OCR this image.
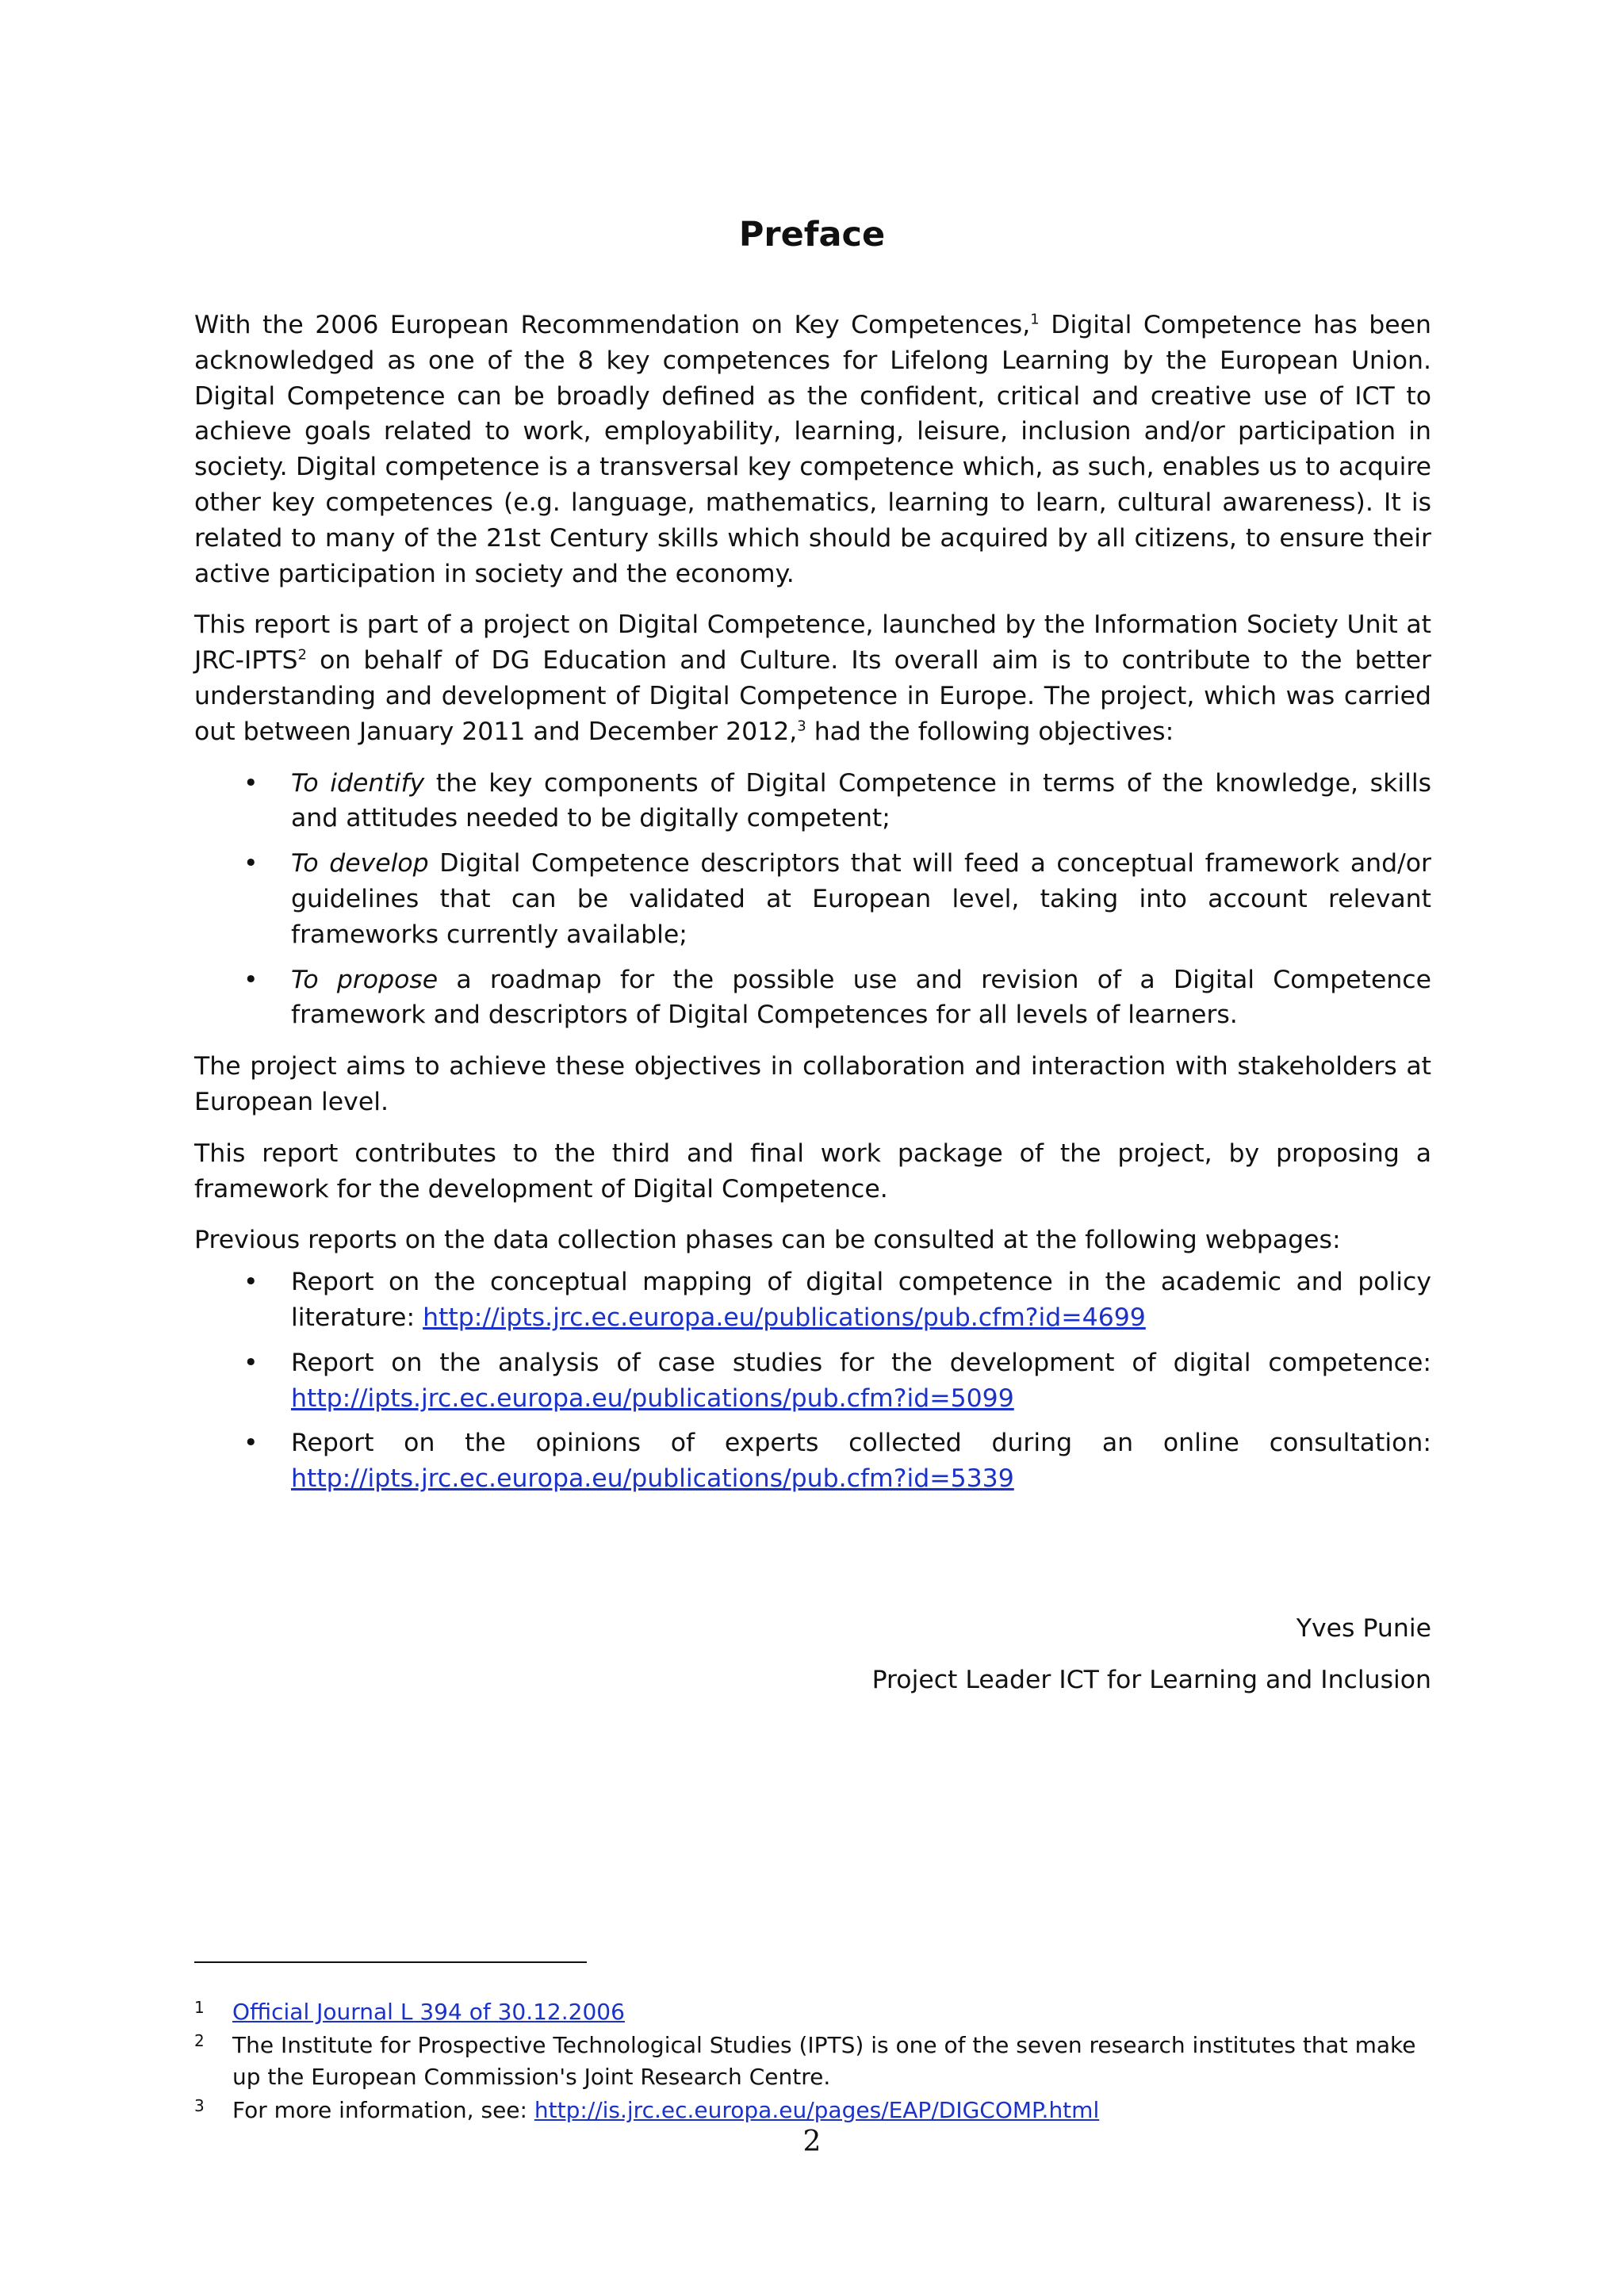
Preface

With the 2006 European Recommendation on Key Competences,$^1$ Digital Competence has been acknowledged as one of the 8 key competences for Lifelong Learning by the European Union. Digital Competence can be broadly defined as the confident, critical and creative use of ICT to achieve goals related to work, employability, learning, leisure, inclusion and/or participation in society. Digital competence is a transversal key competence which, as such, enables us to acquire other key competences (e.g. language, mathematics, learning to learn, cultural awareness). It is related to many of the 21st Century skills which should be acquired by all citizens, to ensure their active participation in society and the economy.

This report is part of a project on Digital Competence, launched by the Information Society Unit at JRC-IPTS$^2$ on behalf of DG Education and Culture. Its overall aim is to contribute to the better understanding and development of Digital Competence in Europe. The project, which was carried out between January 2011 and December 2012,$^3$ had the following objectives:

• To identify the key components of Digital Competence in terms of the knowledge, skills and attitudes needed to be digitally competent;
• To develop Digital Competence descriptors that will feed a conceptual framework and/or guidelines that can be validated at European level, taking into account relevant frameworks currently available;
• To propose a roadmap for the possible use and revision of a Digital Competence framework and descriptors of Digital Competences for all levels of learners.

The project aims to achieve these objectives in collaboration and interaction with stakeholders at European level.

This report contributes to the third and final work package of the project, by proposing a framework for the development of Digital Competence.

Previous reports on the data collection phases can be consulted at the following webpages:

• Report on the conceptual mapping of digital competence in the academic and policy literature: http://ipts.jrc.ec.europa.eu/publications/pub.cfm?id=4699
• Report on the analysis of case studies for the development of digital competence: http://ipts.jrc.ec.europa.eu/publications/pub.cfm?id=5099
• Report on the opinions of experts collected during an online consultation: http://ipts.jrc.ec.europa.eu/publications/pub.cfm?id=5339

Yves Punie

Project Leader ICT for Learning and Inclusion

1 Official Journal L 394 of 30.12.2006
2 The Institute for Prospective Technological Studies (IPTS) is one of the seven research institutes that make up the European Commission's Joint Research Centre.
3 For more information, see: http://is.jrc.ec.europa.eu/pages/EAP/DIGCOMP.html

2
